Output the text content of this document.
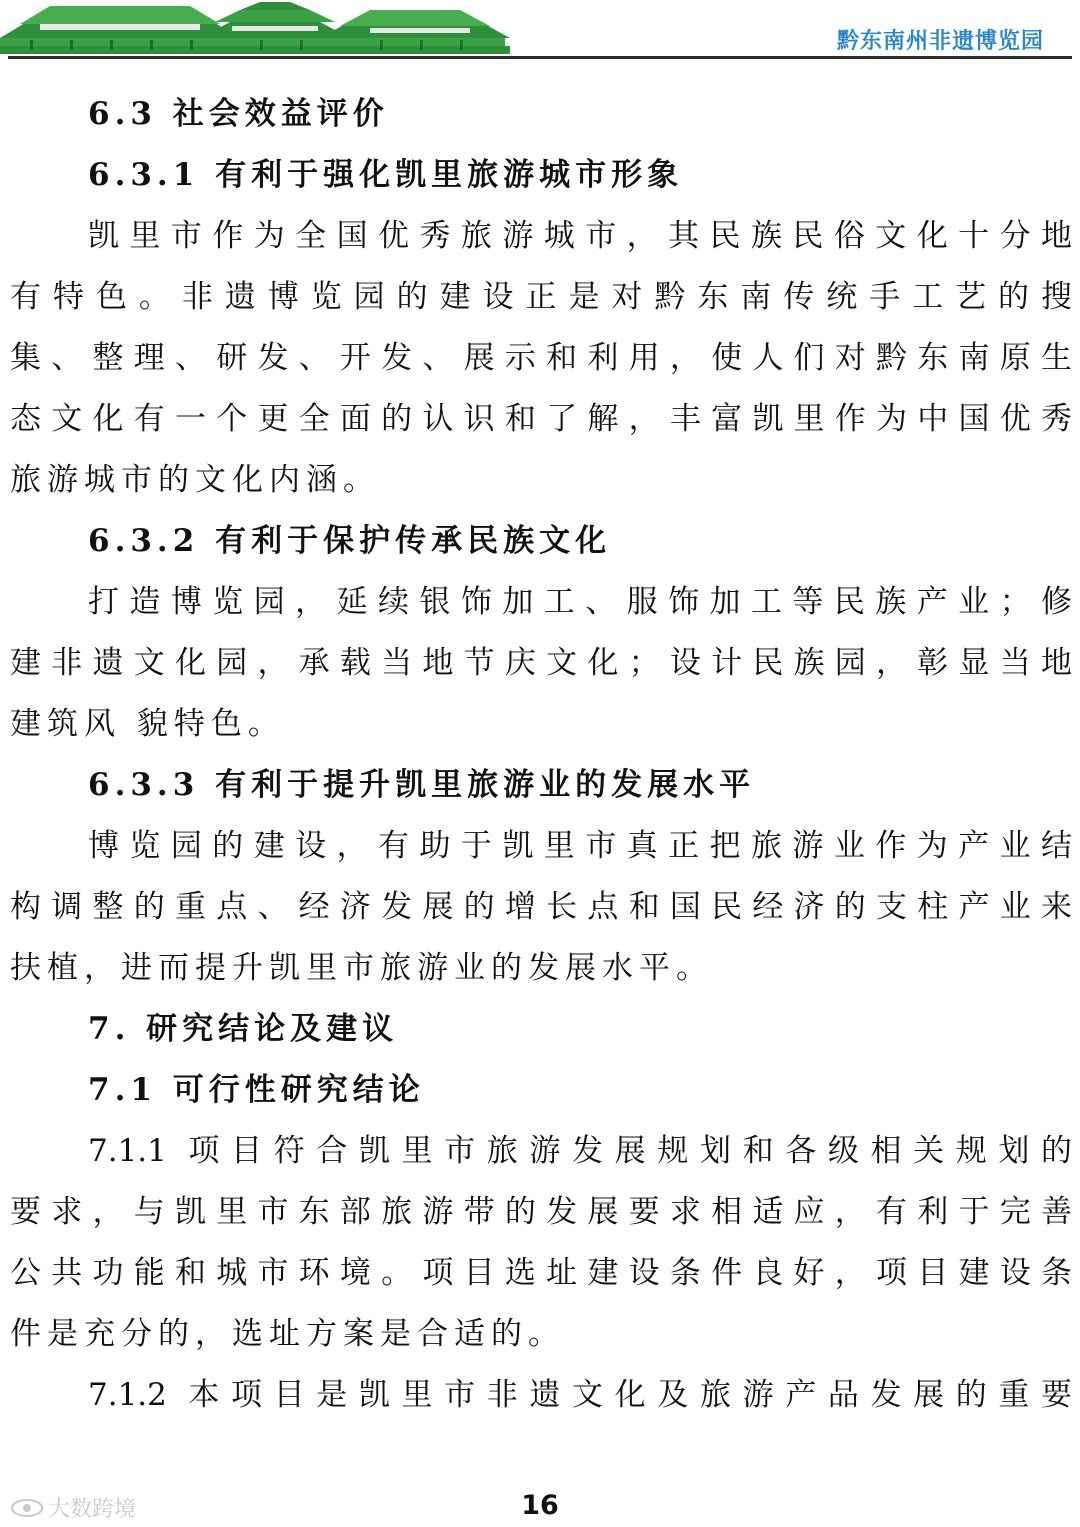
黔东南州非遗博览园
6.3 社会效益评价
6.3.1 有利于强化凯里旅游城市形象
凯里市作为全国优秀旅游城市，其民族民俗文化十分地
有特色。非遗博览园的建设正是对黔东南传统手工艺的搜
集、整理、研发、开发、展示和利用，使人们对黔东南原生
态文化有一个更全面的认识和了解，丰富凯里作为中国优秀
旅游城市的文化内涵。
6.3.2 有利于保护传承民族文化
打造博览园，延续银饰加工、服饰加工等民族产业；修
建非遗文化园，承载当地节庆文化；设计民族园，彰显当地
建筑风 貌特色。
6.3.3 有利于提升凯里旅游业的发展水平
博览园的建设，有助于凯里市真正把旅游业作为产业结
构调整的重点、经济发展的增长点和国民经济的支柱产业来
扶植，进而提升凯里市旅游业的发展水平。
7. 研究结论及建议
7.1 可行性研究结论
7.1.1 项目符合凯里市旅游发展规划和各级相关规划的
要求，与凯里市东部旅游带的发展要求相适应，有利于完善
公共功能和城市环境。项目选址建设条件良好，项目建设条
件是充分的，选址方案是合适的。
7.1.2 本项目是凯里市非遗文化及旅游产品发展的重要
16
大数跨境
